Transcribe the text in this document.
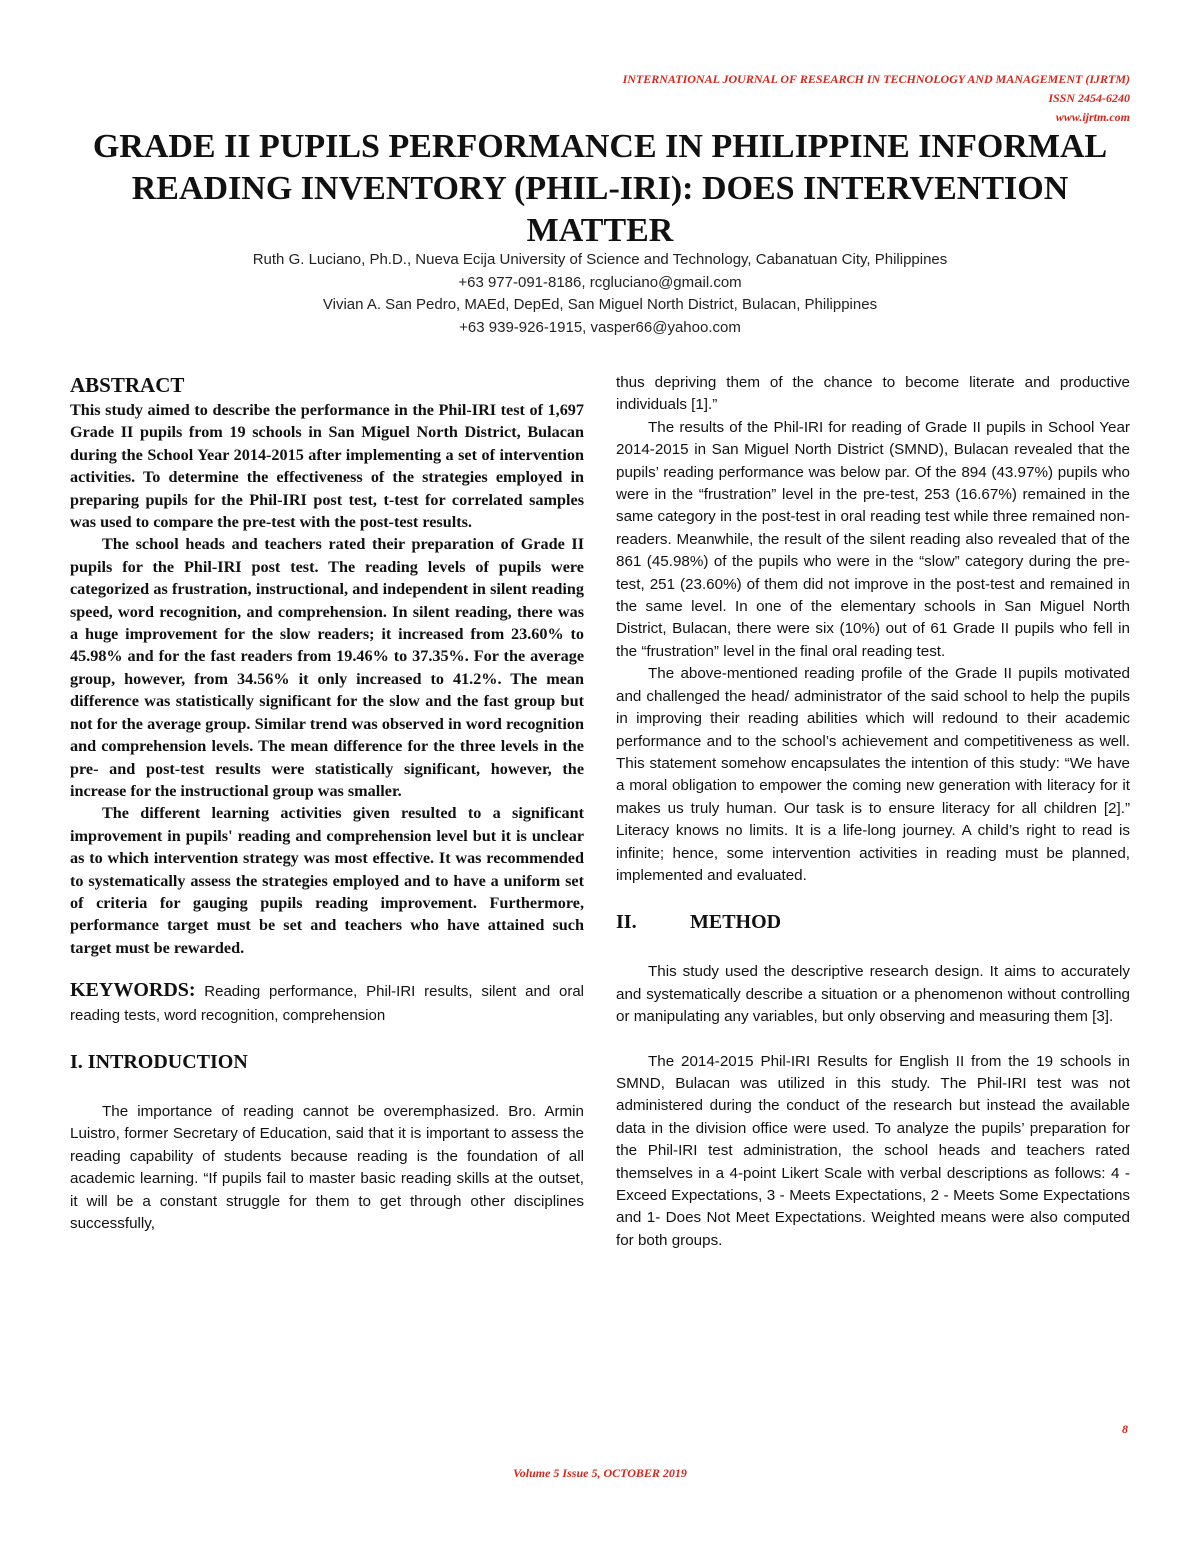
INTERNATIONAL JOURNAL OF RESEARCH IN TECHNOLOGY AND MANAGEMENT (IJRTM)
ISSN 2454-6240
www.ijrtm.com
GRADE II PUPILS PERFORMANCE IN PHILIPPINE INFORMAL READING INVENTORY (PHIL-IRI): DOES INTERVENTION MATTER
Ruth G. Luciano, Ph.D., Nueva Ecija University of Science and Technology, Cabanatuan City, Philippines
+63 977-091-8186, rcgluciano@gmail.com
Vivian A. San Pedro, MAEd, DepEd, San Miguel North District, Bulacan, Philippines
+63 939-926-1915, vasper66@yahoo.com
ABSTRACT

This study aimed to describe the performance in the Phil-IRI test of 1,697 Grade II pupils from 19 schools in San Miguel North District, Bulacan during the School Year 2014-2015 after implementing a set of intervention activities. To determine the effectiveness of the strategies employed in preparing pupils for the Phil-IRI post test, t-test for correlated samples was used to compare the pre-test with the post-test results.

The school heads and teachers rated their preparation of Grade II pupils for the Phil-IRI post test. The reading levels of pupils were categorized as frustration, instructional, and independent in silent reading speed, word recognition, and comprehension. In silent reading, there was a huge improvement for the slow readers; it increased from 23.60% to 45.98% and for the fast readers from 19.46% to 37.35%. For the average group, however, from 34.56% it only increased to 41.2%. The mean difference was statistically significant for the slow and the fast group but not for the average group. Similar trend was observed in word recognition and comprehension levels. The mean difference for the three levels in the pre- and post-test results were statistically significant, however, the increase for the instructional group was smaller.

The different learning activities given resulted to a significant improvement in pupils' reading and comprehension level but it is unclear as to which intervention strategy was most effective. It was recommended to systematically assess the strategies employed and to have a uniform set of criteria for gauging pupils reading improvement. Furthermore, performance target must be set and teachers who have attained such target must be rewarded.

KEYWORDS: Reading performance, Phil-IRI results, silent and oral reading tests, word recognition, comprehension

I. INTRODUCTION

The importance of reading cannot be overemphasized. Bro. Armin Luistro, former Secretary of Education, said that it is important to assess the reading capability of students because reading is the foundation of all academic learning. “If pupils fail to master basic reading skills at the outset, it will be a constant struggle for them to get through other disciplines successfully,

thus depriving them of the chance to become literate and productive individuals [1].”

The results of the Phil-IRI for reading of Grade II pupils in School Year 2014-2015 in San Miguel North District (SMND), Bulacan revealed that the pupils’ reading performance was below par. Of the 894 (43.97%) pupils who were in the “frustration” level in the pre-test, 253 (16.67%) remained in the same category in the post-test in oral reading test while three remained non-readers. Meanwhile, the result of the silent reading also revealed that of the 861 (45.98%) of the pupils who were in the “slow” category during the pre-test, 251 (23.60%) of them did not improve in the post-test and remained in the same level. In one of the elementary schools in San Miguel North District, Bulacan, there were six (10%) out of 61 Grade II pupils who fell in the “frustration” level in the final oral reading test.

The above-mentioned reading profile of the Grade II pupils motivated and challenged the head/ administrator of the said school to help the pupils in improving their reading abilities which will redound to their academic performance and to the school’s achievement and competitiveness as well. This statement somehow encapsulates the intention of this study: “We have a moral obligation to empower the coming new generation with literacy for it makes us truly human. Our task is to ensure literacy for all children [2].” Literacy knows no limits. It is a life-long journey. A child’s right to read is infinite; hence, some intervention activities in reading must be planned, implemented and evaluated.

II.	METHOD

This study used the descriptive research design. It aims to accurately and systematically describe a situation or a phenomenon without controlling or manipulating any variables, but only observing and measuring them [3].

The 2014-2015 Phil-IRI Results for English II from the 19 schools in SMND, Bulacan was utilized in this study. The Phil-IRI test was not administered during the conduct of the research but instead the available data in the division office were used. To analyze the pupils’ preparation for the Phil-IRI test administration, the school heads and teachers rated themselves in a 4-point Likert Scale with verbal descriptions as follows: 4 - Exceed Expectations, 3 - Meets Expectations, 2 - Meets Some Expectations and 1- Does Not Meet Expectations. Weighted means were also computed for both groups.

8
Volume 5 Issue 5, OCTOBER 2019
